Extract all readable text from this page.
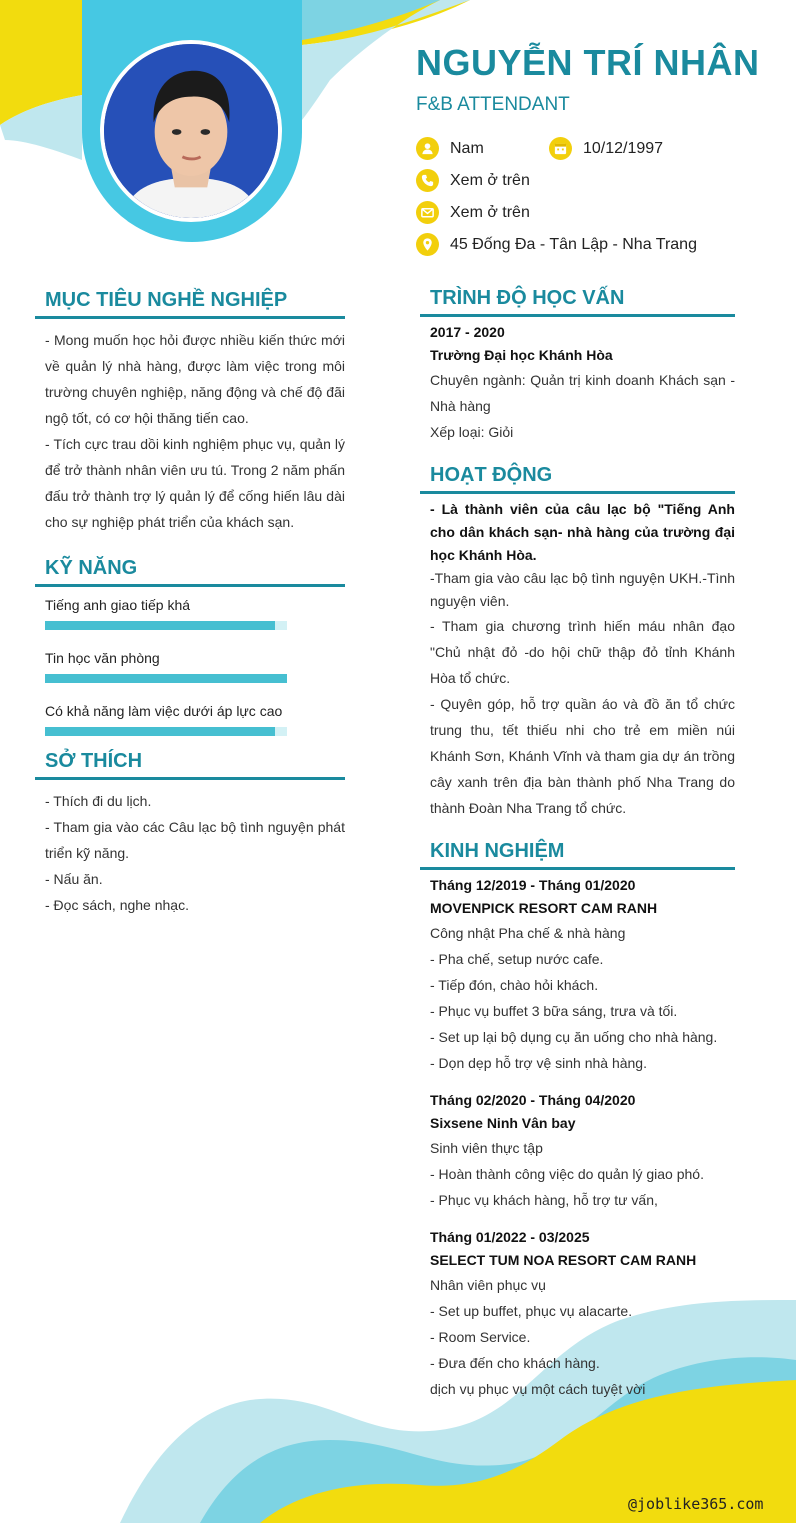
NGUYỄN TRÍ NHÂN
F&B ATTENDANT
Nam	10/12/1997
Xem ở trên
Xem ở trên
45 Đống Đa - Tân Lập - Nha Trang
MỤC TIÊU NGHỀ NGHIỆP
- Mong muốn học hỏi được nhiều kiến thức mới về quản lý nhà hàng, được làm việc trong môi trường chuyên nghiệp, năng động và chế độ đãi ngộ tốt, có cơ hội thăng tiến cao.
- Tích cực trau dồi kinh nghiệm phục vụ, quản lý để trở thành nhân viên ưu tú. Trong 2 năm phấn đấu trở thành trợ lý quản lý để cống hiến lâu dài cho sự nghiệp phát triển của khách sạn.
KỸ NĂNG
Tiếng anh giao tiếp khá
Tin học văn phòng
Có khả năng làm việc dưới áp lực cao
SỞ THÍCH
- Thích đi du lịch.
- Tham gia vào các Câu lạc bộ tình nguyện phát triển kỹ năng.
- Nấu ăn.
- Đọc sách, nghe nhạc.
TRÌNH ĐỘ HỌC VẤN
2017 - 2020
Trường Đại học Khánh Hòa
Chuyên ngành: Quản trị kinh doanh Khách sạn - Nhà hàng
Xếp loại: Giỏi
HOẠT ĐỘNG
- Là thành viên của câu lạc bộ "Tiếng Anh cho dân khách sạn- nhà hàng của trường đại học Khánh Hòa.
-Tham gia vào câu lạc bộ tình nguyện UKH.-Tình nguyện viên.
- Tham gia chương trình hiến máu nhân đạo "Chủ nhật đỏ -do hội chữ thập đỏ tỉnh Khánh Hòa tổ chức.
- Quyên góp, hỗ trợ quần áo và đồ ăn tổ chức trung thu, tết thiếu nhi cho trẻ em miền núi Khánh Sơn, Khánh Vĩnh và tham gia dự án trồng cây xanh trên địa bàn thành phố Nha Trang do thành Đoàn Nha Trang tổ chức.
KINH NGHIỆM
Tháng 12/2019 - Tháng 01/2020
MOVENPICK RESORT CAM RANH
Công nhật Pha chế & nhà hàng
- Pha chế, setup nước cafe.
- Tiếp đón, chào hỏi khách.
- Phục vụ buffet 3 bữa sáng, trưa và tối.
- Set up lại bộ dụng cụ ăn uống cho nhà hàng.
- Dọn dẹp hỗ trợ vệ sinh nhà hàng.
Tháng 02/2020 - Tháng 04/2020
Sixsene Ninh Vân bay
Sinh viên thực tập
- Hoàn thành công việc do quản lý giao phó.
- Phục vụ khách hàng, hỗ trợ tư vấn,
Tháng 01/2022 - 03/2025
SELECT TUM NOA RESORT CAM RANH
Nhân viên phục vụ
- Set up buffet, phục vụ alacarte.
- Room Service.
- Đưa đến cho khách hàng.
dịch vụ phục vụ một cách tuyệt vời
@joblike365.com
